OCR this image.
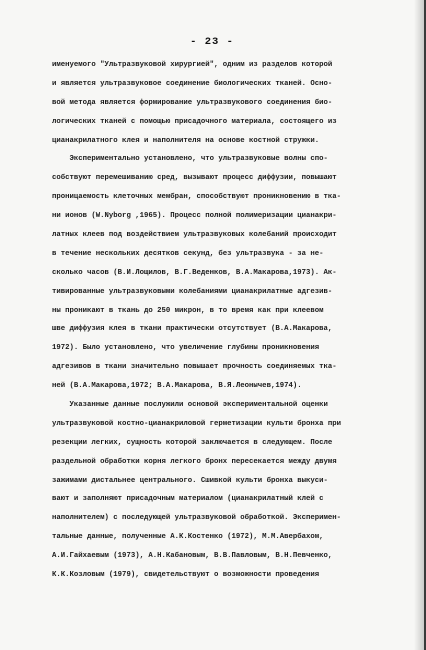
- 23 -
именуемого "Ультразвуковой хирургией", одним из разделов которой
и является ультразвуковое соединение биологических тканей. Осно-
вой метода является формирование ультразвукового соединения био-
логических тканей с помощью присадочного материала, состоящего из
цианакрилатного клея и наполнителя на основе костной стружки.
Экспериментально установлено, что ультразвуковые волны спо-
собствуют перемешиванию сред, вызывают процесс диффузии, повышают
проницаемость клеточных мембран, способствуют проникновению в тка-
ни ионов (W.Nyborg ,1965). Процесс полной полимеризации цианакри-
латных клеев под воздействием ультразвуковых колебаний происходит
в течение нескольких десятков секунд, без ультразвука - за не-
сколько часов (В.И.Лощилов, В.Г.Веденков, В.А.Макарова,1973). Ак-
тивированные ультразвуковыми колебаниями цианакрилатные адгезив-
ны проникают в ткань до 250 микрон, в то время как при клеевом
шве диффузия клея в ткани практически отсутствует (В.А.Макарова,
1972). Было установлено, что увеличение глубины проникновения
адгезивов в ткани значительно повышает прочность соединяемых тка-
ней (В.А.Макарова,1972; В.А.Макарова, В.Я.Леонычев,1974).
Указанные данные послужили основой экспериментальной оценки
ультразвуковой костно-цианакриловой герметизации культи бронха при
резекции легких, сущность которой заключается в следующем. После
раздельной обработки корня легкого бронх пересекается между двумя
зажимами дистальнее центрального. Сшивкой культи бронха выкуси-
вают и заполняют присадочным материалом (цианакрилатный клей с
наполнителем) с последующей ультразвуковой обработкой. Эксперимен-
тальные данные, полученные А.К.Костенко (1972), М.М.Авербахом,
А.И.Гайхаевым (1973), А.Н.Кабановым, В.В.Павловым, В.Н.Певченко,
К.К.Козловым (1979), свидетельствуют о возможности проведения
